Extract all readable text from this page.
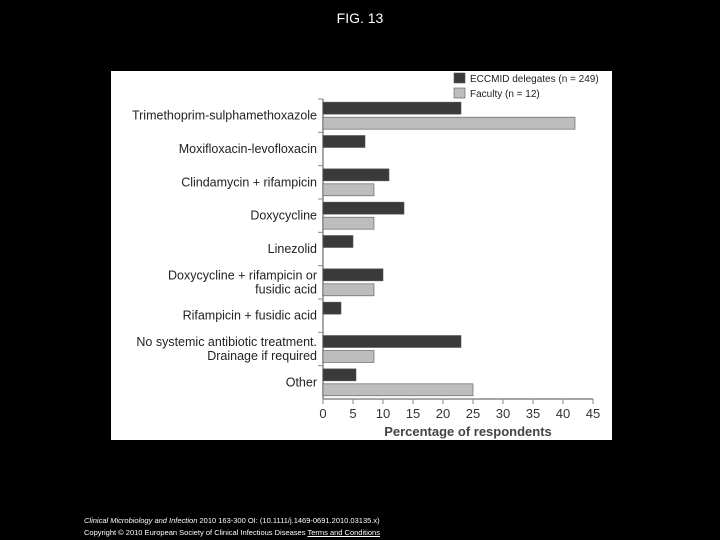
FIG. 13
Trimethoprim-sulphamethoxazole
Moxifloxacin-levofloxacin
Clindamycin + rifampicin
Doxycycline
Linezolid
Doxycycline + rifampicin or fusidic acid
Rifampicin + fusidic acid
No systemic antibiotic treatment. Drainage if required
Other
0 5 10 15 20 25 30 35 40 45
Percentage of respondents
ECCMID delegates (n = 249)
Faculty (n = 12)
Clinical Microbiology and Infection 2010 163-300 OI: (10.1111/j.1469-0691.2010.03135.x)
Copyright © 2010 European Society of Clinical Infectious Diseases Terms and Conditions
